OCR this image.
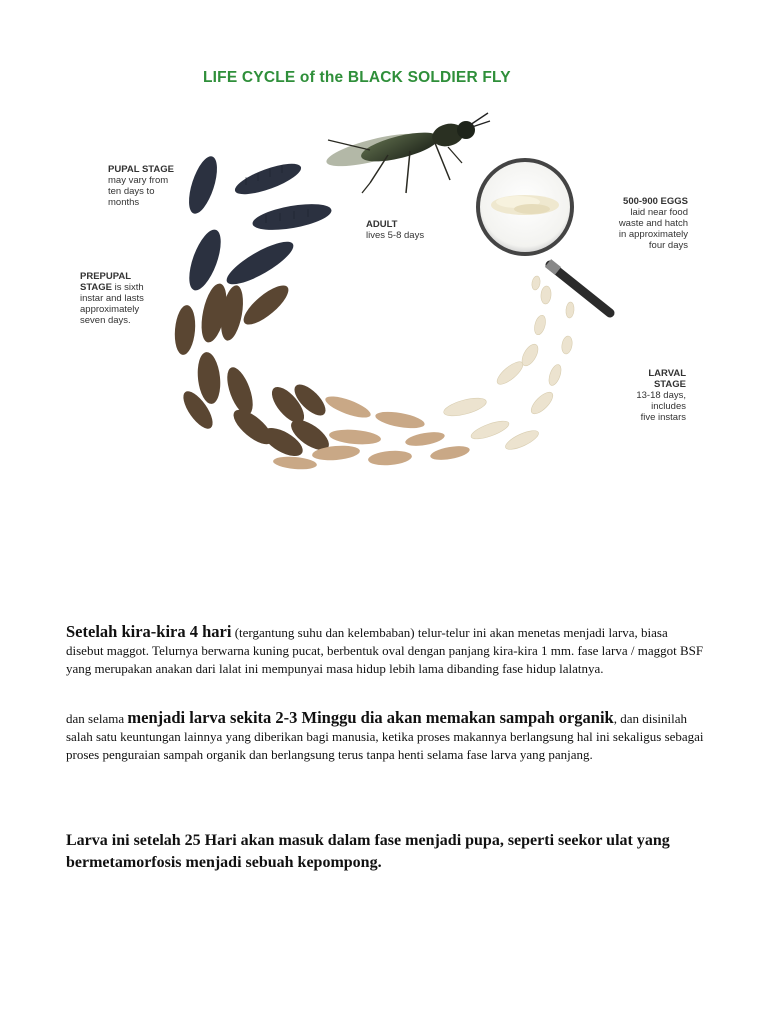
LIFE CYCLE of the BLACK SOLDIER FLY

PUPAL STAGE
may vary from
ten days to
months

PREPUPAL
STAGE is sixth
instar and lasts
approximately
seven days.

ADULT
lives 5-8 days

500-900 EGGS
laid near food
waste and hatch
in approximately
four days

LARVAL
STAGE
13-18 days,
includes
five instars

Setelah kira-kira 4 hari (tergantung suhu dan kelembaban) telur-telur ini akan menetas menjadi larva, biasa disebut maggot. Telurnya berwarna kuning pucat, berbentuk oval dengan panjang kira-kira 1 mm. fase larva / maggot BSF yang merupakan anakan dari lalat ini mempunyai masa hidup lebih lama dibanding fase hidup lalatnya.

dan selama menjadi larva sekita 2-3 Minggu dia akan memakan sampah organik, dan disinilah salah satu keuntungan lainnya yang diberikan bagi manusia, ketika proses makannya berlangsung hal ini sekaligus sebagai proses penguraian sampah organik dan berlangsung terus tanpa henti selama fase larva yang panjang.

Larva ini setelah 25 Hari akan masuk dalam fase menjadi pupa, seperti seekor ulat yang bermetamorfosis menjadi sebuah kepompong.
